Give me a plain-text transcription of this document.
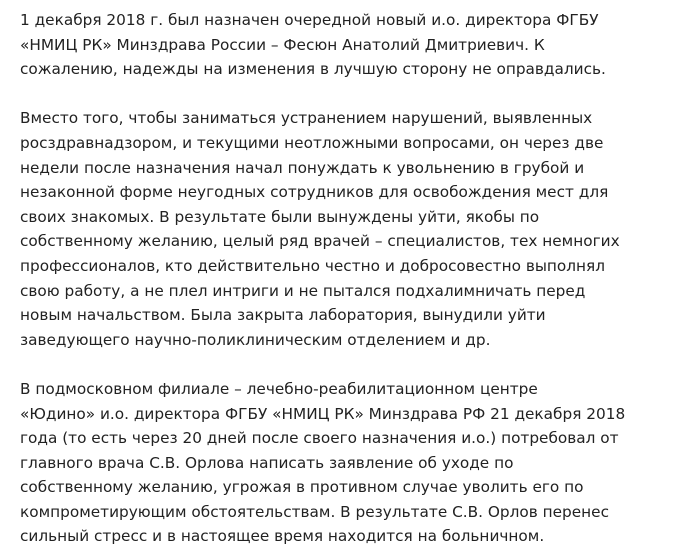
1 декабря 2018 г. был назначен очередной новый и.о. директора ФГБУ
«НМИЦ РК» Минздрава России – Фесюн Анатолий Дмитриевич. К
сожалению, надежды на изменения в лучшую сторону не оправдались.

Вместо того, чтобы заниматься устранением нарушений, выявленных
росздравнадзором, и текущими неотложными вопросами, он через две
недели после назначения начал понуждать к увольнению в грубой и
незаконной форме неугодных сотрудников для освобождения мест для
своих знакомых. В результате были вынуждены уйти, якобы по
собственному желанию, целый ряд врачей – специалистов, тех немногих
профессионалов, кто действительно честно и добросовестно выполнял
свою работу, а не плел интриги и не пытался подхалимничать перед
новым начальством. Была закрыта лаборатория, вынудили уйти
заведующего научно-поликлиническим отделением и др.

В подмосковном филиале – лечебно-реабилитационном центре
«Юдино» и.о. директора ФГБУ «НМИЦ РК» Минздрава РФ 21 декабря 2018
года (то есть через 20 дней после своего назначения и.о.) потребовал от
главного врача С.В. Орлова написать заявление об уходе по
собственному желанию, угрожая в противном случае уволить его по
компрометирующим обстоятельствам. В результате С.В. Орлов перенес
сильный стресс и в настоящее время находится на больничном.
